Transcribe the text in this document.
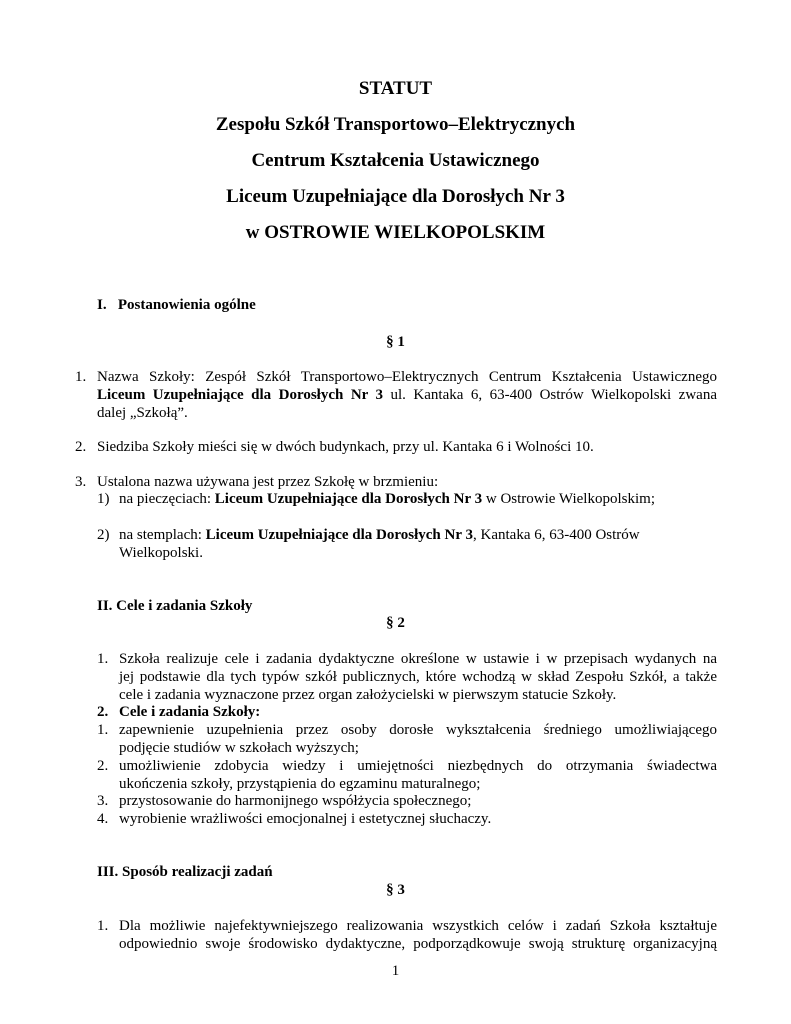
STATUT
Zespołu Szkół Transportowo–Elektrycznych
Centrum Kształcenia Ustawicznego
Liceum Uzupełniające dla Dorosłych Nr 3
w OSTROWIE WIELKOPOLSKIM
I.   Postanowienia ogólne
§ 1
1. Nazwa Szkoły: Zespół Szkół Transportowo–Elektrycznych Centrum Kształcenia Ustawicznego
Liceum Uzupełniające dla Dorosłych Nr 3 ul. Kantaka 6, 63-400 Ostrów Wielkopolski zwana
dalej „Szkołą”.
2. Siedziba Szkoły mieści się w dwóch budynkach, przy ul. Kantaka 6 i Wolności 10.
3. Ustalona nazwa używana jest przez Szkołę w brzmieniu:
1) na pieczęciach: Liceum Uzupełniające dla Dorosłych Nr 3 w Ostrowie Wielkopolskim;
2) na stemplach: Liceum Uzupełniające dla Dorosłych Nr 3, Kantaka 6, 63-400 Ostrów
Wielkopolski.
II. Cele i zadania Szkoły
§ 2
1. Szkoła realizuje cele i zadania dydaktyczne określone w ustawie i w przepisach wydanych na
jej podstawie dla tych typów szkół publicznych, które wchodzą w skład Zespołu Szkół, a także
cele i zadania wyznaczone przez organ założycielski w pierwszym statucie Szkoły.
2. Cele i zadania Szkoły:
1. zapewnienie uzupełnienia przez osoby dorosłe wykształcenia średniego umożliwiającego
podjęcie studiów w szkołach wyższych;
2. umożliwienie zdobycia wiedzy i umiejętności niezbędnych do otrzymania świadectwa
ukończenia szkoły, przystąpienia do egzaminu maturalnego;
3. przystosowanie do harmonijnego współżycia społecznego;
4. wyrobienie wrażliwości emocjonalnej i estetycznej słuchaczy.
III. Sposób realizacji zadań
§ 3
1. Dla możliwie najefektywniejszego realizowania wszystkich celów i zadań Szkoła kształtuje
odpowiednio swoje środowisko dydaktyczne, podporządkowuje swoją strukturę organizacyjną
1
